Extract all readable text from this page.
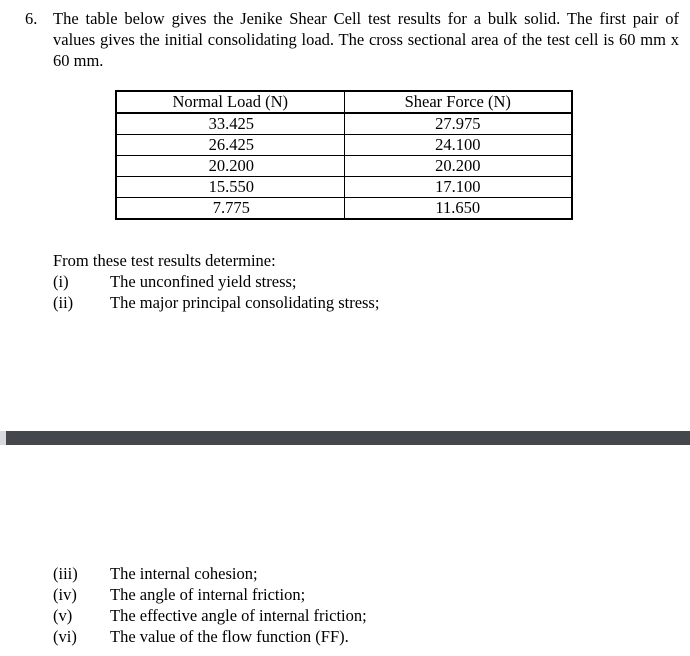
6. The table below gives the Jenike Shear Cell test results for a bulk solid. The first pair of values gives the initial consolidating load. The cross sectional area of the test cell is 60 mm x 60 mm.
Normal Load (N)	Shear Force (N)
33.425	27.975
26.425	24.100
20.200	20.200
15.550	17.100
7.775	11.650
From these test results determine:
(i)	The unconfined yield stress;
(ii) The major principal consolidating stress;
(iii) The internal cohesion;
(iv) The angle of internal friction;
(v) The effective angle of internal friction;
(vi) The value of the flow function (FF).
